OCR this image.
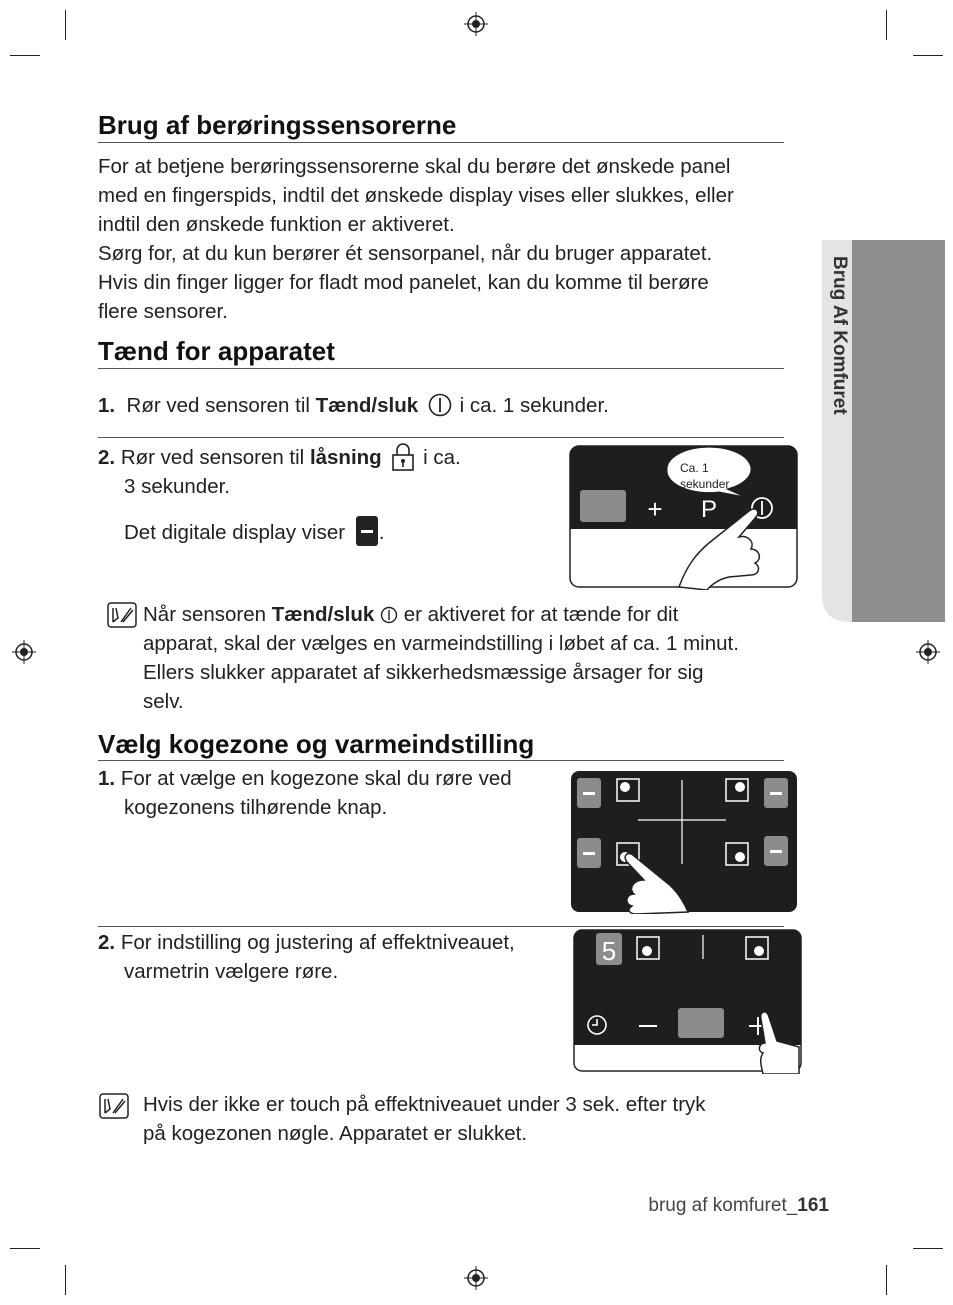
Brug Af Komfuret
Brug af berøringssensorerne
For at betjene berøringssensorerne skal du berøre det ønskede panel
med en fingerspids, indtil det ønskede display vises eller slukkes, eller
indtil den ønskede funktion er aktiveret.
Sørg for, at du kun berører ét sensorpanel, når du bruger apparatet.
Hvis din finger ligger for fladt mod panelet, kan du komme til berøre
flere sensorer.
Tænd for apparatet
1. Rør ved sensoren til Tænd/sluk  i ca. 1 sekunder.
2. Rør ved sensoren til låsning  i ca.
3 sekunder.
Det digitale display viser .
+ P
Ca. 1
sekunder
Når sensoren Tænd/sluk  er aktiveret for at tænde for dit
apparat, skal der vælges en varmeindstilling i løbet af ca. 1 minut.
Ellers slukker apparatet af sikkerhedsmæssige årsager for sig
selv.
Vælg kogezone og varmeindstilling
1. For at vælge en kogezone skal du røre ved
kogezonens tilhørende knap.
2. For indstilling og justering af effektniveauet,
varmetrin vælgere røre.
5
Hvis der ikke er touch på effektniveauet under 3 sek. efter tryk
på kogezonen nøgle. Apparatet er slukket.
brug af komfuret_161
